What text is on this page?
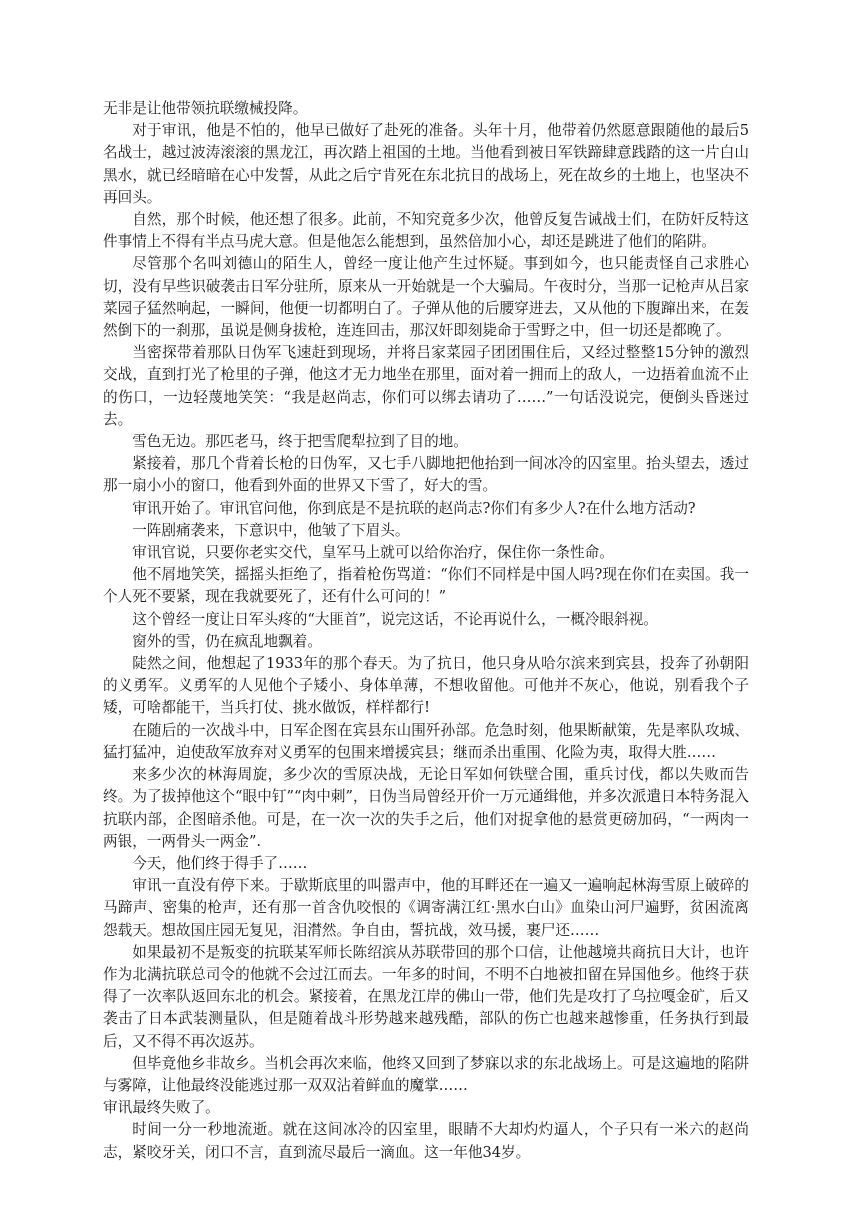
无非是让他带领抗联缴械投降。

对于审讯，他是不怕的，他早已做好了赴死的准备。头年十月，他带着仍然愿意跟随他的最后5名战士，越过波涛滚滚的黑龙江，再次踏上祖国的土地。当他看到被日军铁蹄肆意践踏的这一片白山黑水，就已经暗暗在心中发誓，从此之后宁肯死在东北抗日的战场上，死在故乡的土地上，也坚决不再回头。

自然，那个时候，他还想了很多。此前，不知究竟多少次，他曾反复告诫战士们，在防奸反特这件事情上不得有半点马虎大意。但是他怎么能想到，虽然倍加小心，却还是跳进了他们的陷阱。

尽管那个名叫刘德山的陌生人，曾经一度让他产生过怀疑。事到如今，也只能责怪自己求胜心切，没有早些识破袭击日军分驻所，原来从一开始就是一个大骗局。午夜时分，当那一记枪声从吕家菜园子猛然响起，一瞬间，他便一切都明白了。子弹从他的后腰穿进去，又从他的下腹蹿出来，在轰然倒下的一刹那，虽说是侧身拔枪，连连回击，那汉奸即刻毙命于雪野之中，但一切还是都晚了。

当密探带着那队日伪军飞速赶到现场，并将吕家菜园子团团围住后，又经过整整15分钟的激烈交战，直到打光了枪里的子弹，他这才无力地坐在那里，面对着一拥而上的敌人，一边捂着血流不止的伤口，一边轻蔑地笑笑：“我是赵尚志，你们可以绑去请功了……”一句话没说完，便倒头昏迷过去。

雪色无边。那匹老马，终于把雪爬犁拉到了目的地。

紧接着，那几个背着长枪的日伪军，又七手八脚地把他抬到一间冰冷的囚室里。抬头望去，透过那一扇小小的窗口，他看到外面的世界又下雪了，好大的雪。

审讯开始了。审讯官问他，你到底是不是抗联的赵尚志?你们有多少人?在什么地方活动?

一阵剧痛袭来，下意识中，他皱了下眉头。

审讯官说，只要你老实交代，皇军马上就可以给你治疗，保住你一条性命。

他不屑地笑笑，摇摇头拒绝了，指着枪伤骂道：“你们不同样是中国人吗?现在你们在卖国。我一个人死不要紧，现在我就要死了，还有什么可问的！”

这个曾经一度让日军头疼的“大匪首”，说完这话，不论再说什么，一概冷眼斜视。

窗外的雪，仍在疯乱地飘着。

陡然之间，他想起了1933年的那个春天。为了抗日，他只身从哈尔滨来到宾县，投奔了孙朝阳的义勇军。义勇军的人见他个子矮小、身体单薄，不想收留他。可他并不灰心，他说，别看我个子矮，可啥都能干，当兵打仗、挑水做饭，样样都行!

在随后的一次战斗中，日军企图在宾县东山围歼孙部。危急时刻，他果断献策，先是率队攻城、猛打猛冲，迫使敌军放弃对义勇军的包围来增援宾县；继而杀出重围、化险为夷，取得大胜……

来多少次的林海周旋，多少次的雪原决战，无论日军如何铁壁合围，重兵讨伐，都以失败而告终。为了拔掉他这个“眼中钉”“肉中刺”，日伪当局曾经开价一万元通缉他，并多次派遣日本特务混入抗联内部，企图暗杀他。可是，在一次一次的失手之后，他们对捉拿他的悬赏更磅加码，“一两肉一两银，一两骨头一两金”.

今天，他们终于得手了……

审讯一直没有停下来。于歇斯底里的叫嚣声中，他的耳畔还在一遍又一遍响起林海雪原上破碎的马蹄声、密集的枪声，还有那一首含仇咬恨的《调寄满江红·黑水白山》血染山河尸遍野，贫困流离怨载天。想故国庄园无复见，泪潸然。争自由，誓抗战，效马援，裹尸还……

如果最初不是叛变的抗联某军师长陈绍滨从苏联带回的那个口信，让他越境共商抗日大计，也许作为北满抗联总司令的他就不会过江而去。一年多的时间，不明不白地被扣留在异国他乡。他终于获得了一次率队返回东北的机会。紧接着，在黑龙江岸的佛山一带，他们先是攻打了乌拉嘎金矿，后又袭击了日本武装测量队，但是随着战斗形势越来越残酷，部队的伤亡也越来越惨重，任务执行到最后，又不得不再次返苏。

但毕竟他乡非故乡。当机会再次来临，他终又回到了梦寐以求的东北战场上。可是这遍地的陷阱与雾障，让他最终没能逃过那一双双沾着鲜血的魔掌……

审讯最终失败了。

时间一分一秒地流逝。就在这间冰冷的囚室里，眼睛不大却灼灼逼人，个子只有一米六的赵尚志，紧咬牙关，闭口不言，直到流尽最后一滴血。这一年他34岁。
